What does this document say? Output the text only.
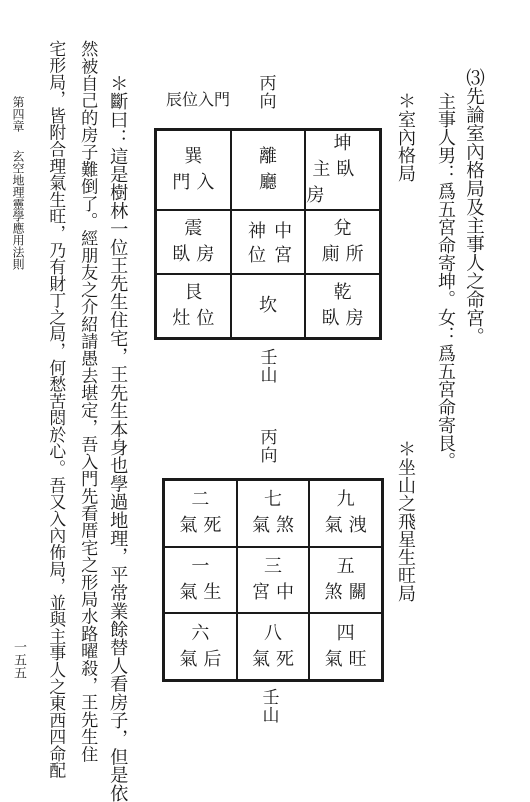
⑶先論室內格局及主事人之命宮。
主事人男：爲五宮命寄坤。女：爲五宮命寄艮。
＊室內格局
＊坐山之飛星生旺局
丙向
辰位入門
巽
門入
離
廳
坤
主臥房
震
臥房	中宮
神位	兌
廁所
艮
灶位
坎
乾
臥房
壬山
丙向
二
氣死
七
氣煞
九
氣洩
一
氣生
三
宮中
五
煞關
六
氣后
八
氣死
四
氣旺
壬山
＊斷曰：這是樹林一位王先生住宅，王先生本身也學過地理，平常業餘替人看房子，但是依
然被自己的房子難倒了。經朋友之介紹請愚去堪定，吾入門先看厝宅之形局水路曜殺，王先生住
宅形局，皆附合理氣生旺，乃有財丁之局，何愁苦悶於心。吾又入內佈局，並與主事人之東西四命配
第四章
玄空地理靈學應用法則
一五五
